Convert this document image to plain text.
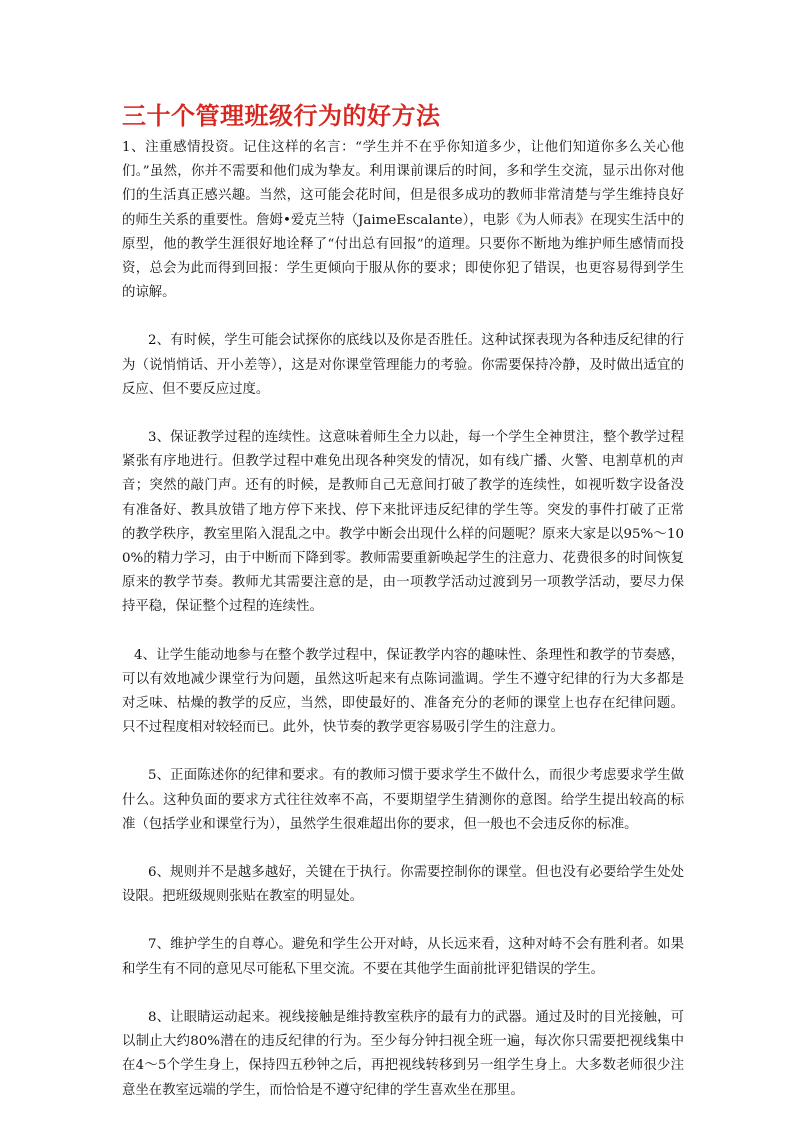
三十个管理班级行为的好方法

1、注重感情投资。记住这样的名言：“学生并不在乎你知道多少，让他们知道你多么关心他们。”虽然，你并不需要和他们成为挚友。利用课前课后的时间，多和学生交流，显示出你对他们的生活真正感兴趣。当然，这可能会花时间，但是很多成功的教师非常清楚与学生维持良好的师生关系的重要性。詹姆•爱克兰特（JaimeEscalante），电影《为人师表》在现实生活中的原型，他的教学生涯很好地诠释了“付出总有回报”的道理。只要你不断地为维护师生感情而投资，总会为此而得到回报：学生更倾向于服从你的要求；即使你犯了错误，也更容易得到学生的谅解。

2、有时候，学生可能会试探你的底线以及你是否胜任。这种试探表现为各种违反纪律的行为（说悄悄话、开小差等），这是对你课堂管理能力的考验。你需要保持冷静，及时做出适宜的反应、但不要反应过度。

3、保证教学过程的连续性。这意味着师生全力以赴，每一个学生全神贯注，整个教学过程紧张有序地进行。但教学过程中难免出现各种突发的情况，如有线广播、火警、电割草机的声音；突然的敲门声。还有的时候，是教师自己无意间打破了教学的连续性，如视听数字设备没有准备好、教具放错了地方停下来找、停下来批评违反纪律的学生等。突发的事件打破了正常的教学秩序，教室里陷入混乱之中。教学中断会出现什么样的问题呢？原来大家是以95%～100%的精力学习，由于中断而下降到零。教师需要重新唤起学生的注意力、花费很多的时间恢复原来的教学节奏。教师尤其需要注意的是，由一项教学活动过渡到另一项教学活动，要尽力保持平稳，保证整个过程的连续性。

4、让学生能动地参与在整个教学过程中，保证教学内容的趣味性、条理性和教学的节奏感，可以有效地减少课堂行为问题，虽然这听起来有点陈词滥调。学生不遵守纪律的行为大多都是对乏味、枯燥的教学的反应，当然，即使最好的、准备充分的老师的课堂上也存在纪律问题。只不过程度相对较轻而已。此外，快节奏的教学更容易吸引学生的注意力。

5、正面陈述你的纪律和要求。有的教师习惯于要求学生不做什么，而很少考虑要求学生做什么。这种负面的要求方式往往效率不高，不要期望学生猜测你的意图。给学生提出较高的标准（包括学业和课堂行为），虽然学生很难超出你的要求，但一般也不会违反你的标准。

6、规则并不是越多越好，关键在于执行。你需要控制你的课堂。但也没有必要给学生处处设限。把班级规则张贴在教室的明显处。

7、维护学生的自尊心。避免和学生公开对峙，从长远来看，这种对峙不会有胜利者。如果和学生有不同的意见尽可能私下里交流。不要在其他学生面前批评犯错误的学生。

8、让眼睛运动起来。视线接触是维持教室秩序的最有力的武器。通过及时的目光接触，可以制止大约80%潜在的违反纪律的行为。至少每分钟扫视全班一遍，每次你只需要把视线集中在4～5个学生身上，保持四五秒钟之后，再把视线转移到另一组学生身上。大多数老师很少注意坐在教室远端的学生，而恰恰是不遵守纪律的学生喜欢坐在那里。
